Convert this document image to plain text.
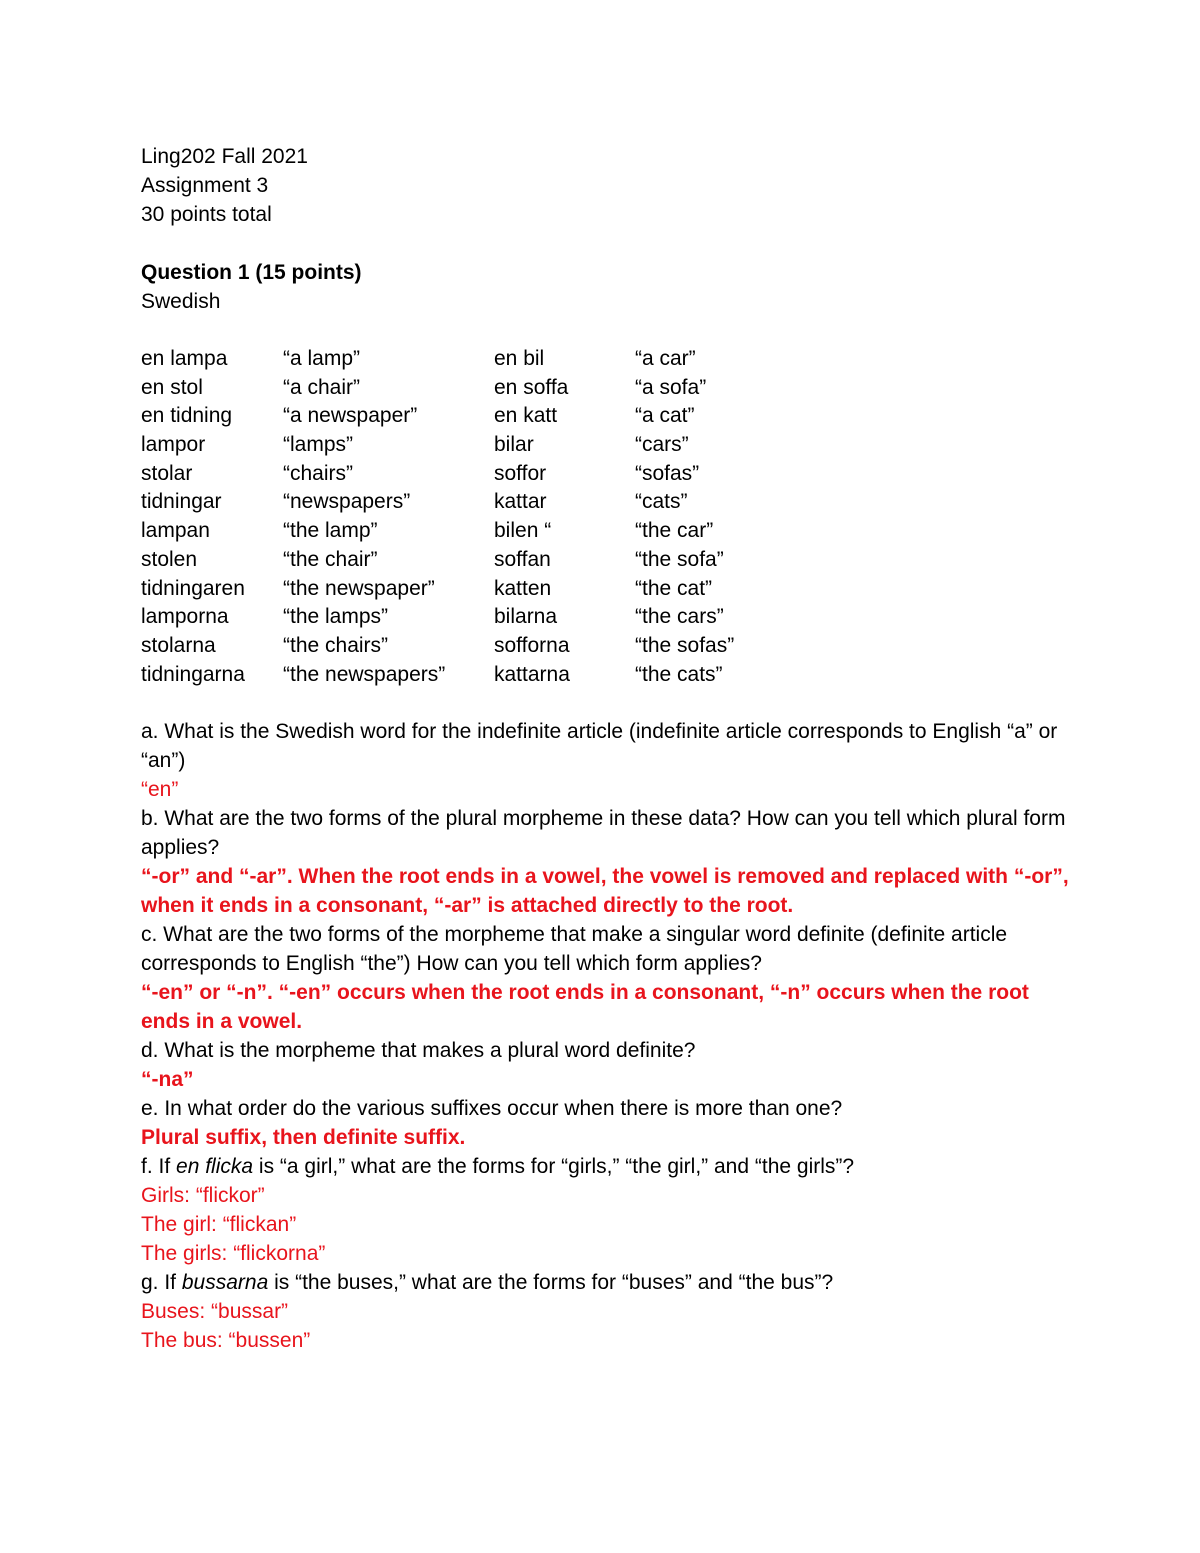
Ling202 Fall 2021
Assignment 3
30 points total
Question 1 (15 points)
Swedish
en lampa	“a lamp”	en bil	“a car”
en stol	“a chair”	en soffa	“a sofa”
en tidning “a newspaper”	en katt	“a cat”
lampor	“lamps”	bilar	“cars”
stolar	“chairs”	soffor	“sofas”
tidningar	“newspapers”	kattar	“cats”
lampan	“the lamp”	bilen “	“the car”
stolen	“the chair”	soffan	“the sofa”
tidningaren “the newspaper”	katten	“the cat”
lamporna	“the lamps”	bilarna	“the cars”
stolarna	“the chairs”	sofforna	“the sofas”
tidningarna “the newspapers” kattarna	“the cats”
a. What is the Swedish word for the indefinite article (indefinite article corresponds to English “a” or “an”)
“en”
b. What are the two forms of the plural morpheme in these data? How can you tell which plural form applies?
“-or” and “-ar”. When the root ends in a vowel, the vowel is removed and replaced with “-or”, when it ends in a consonant, “-ar” is attached directly to the root.
c. What are the two forms of the morpheme that make a singular word definite (definite article corresponds to English “the”) How can you tell which form applies?
“-en” or “-n”. “-en” occurs when the root ends in a consonant, “-n” occurs when the root ends in a vowel.
d. What is the morpheme that makes a plural word definite?
“-na”
e. In what order do the various suffixes occur when there is more than one?
Plural suffix, then definite suffix.
f. If en flicka is “a girl,” what are the forms for “girls,” “the girl,” and “the girls”?
Girls: “flickor”
The girl: “flickan”
The girls: “flickorna”
g. If bussarna is “the buses,” what are the forms for “buses” and “the bus”?
Buses: “bussar”
The bus: “bussen”
